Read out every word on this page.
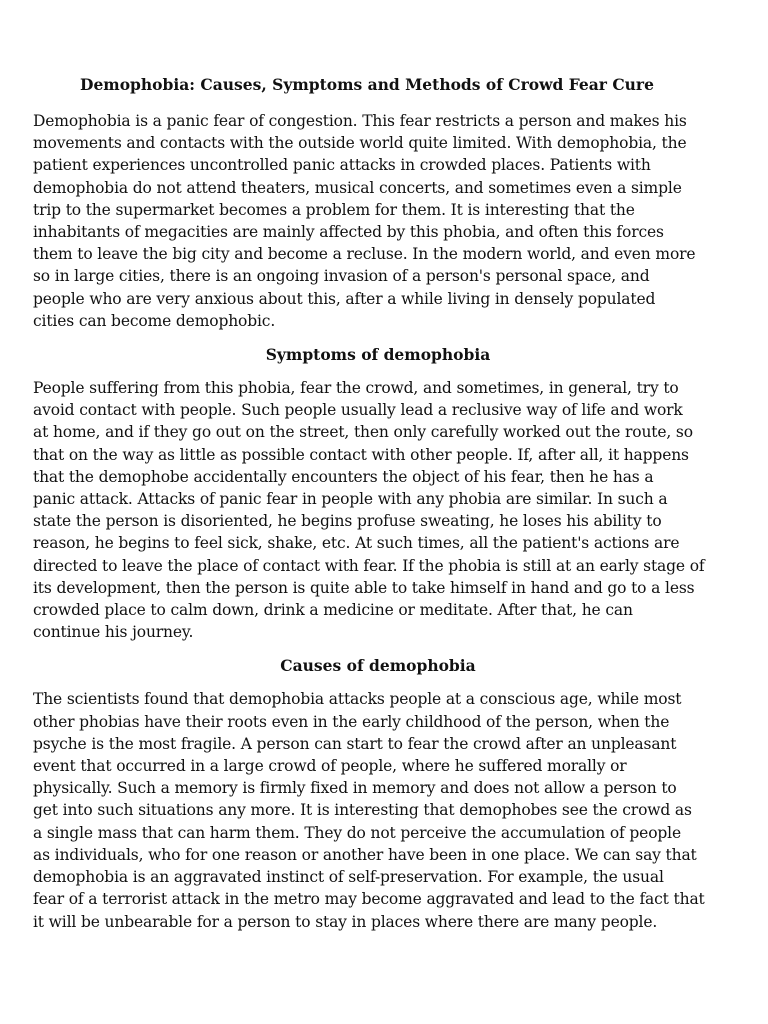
Demophobia: Causes, Symptoms and Methods of Crowd Fear Cure

Demophobia is a panic fear of congestion. This fear restricts a person and makes his
movements and contacts with the outside world quite limited. With demophobia, the
patient experiences uncontrolled panic attacks in crowded places. Patients with
demophobia do not attend theaters, musical concerts, and sometimes even a simple
trip to the supermarket becomes a problem for them. It is interesting that the
inhabitants of megacities are mainly affected by this phobia, and often this forces
them to leave the big city and become a recluse. In the modern world, and even more
so in large cities, there is an ongoing invasion of a person's personal space, and
people who are very anxious about this, after a while living in densely populated
cities can become demophobic.

Symptoms of demophobia

People suffering from this phobia, fear the crowd, and sometimes, in general, try to
avoid contact with people. Such people usually lead a reclusive way of life and work
at home, and if they go out on the street, then only carefully worked out the route, so
that on the way as little as possible contact with other people. If, after all, it happens
that the demophobe accidentally encounters the object of his fear, then he has a
panic attack. Attacks of panic fear in people with any phobia are similar. In such a
state the person is disoriented, he begins profuse sweating, he loses his ability to
reason, he begins to feel sick, shake, etc. At such times, all the patient's actions are
directed to leave the place of contact with fear. If the phobia is still at an early stage of
its development, then the person is quite able to take himself in hand and go to a less
crowded place to calm down, drink a medicine or meditate. After that, he can
continue his journey.

Causes of demophobia

The scientists found that demophobia attacks people at a conscious age, while most
other phobias have their roots even in the early childhood of the person, when the
psyche is the most fragile. A person can start to fear the crowd after an unpleasant
event that occurred in a large crowd of people, where he suffered morally or
physically. Such a memory is firmly fixed in memory and does not allow a person to
get into such situations any more. It is interesting that demophobes see the crowd as
a single mass that can harm them. They do not perceive the accumulation of people
as individuals, who for one reason or another have been in one place. We can say that
demophobia is an aggravated instinct of self-preservation. For example, the usual
fear of a terrorist attack in the metro may become aggravated and lead to the fact that
it will be unbearable for a person to stay in places where there are many people.
